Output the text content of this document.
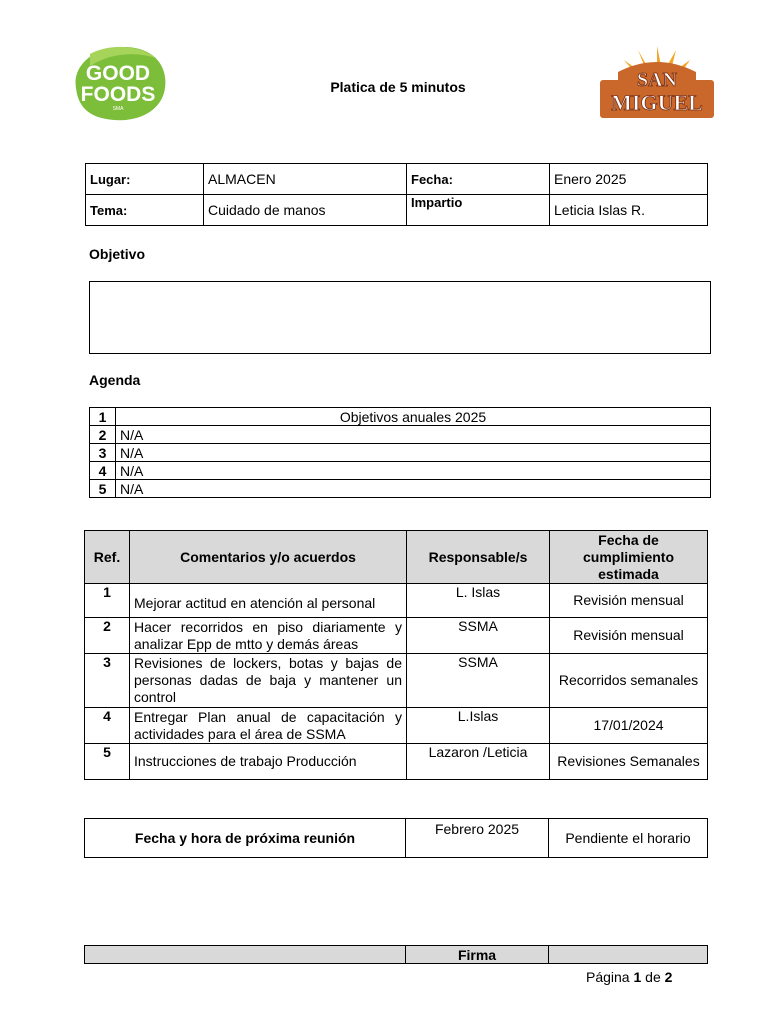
GOOD
FOODS
SMA
SAN
MIGUEL
Platica de 5 minutos
Lugar:	ALMACEN	Fecha:	Enero 2025
Tema:	Cuidado de manos	Impartio	Leticia Islas R.
Objetivo
Agenda
1	Objetivos anuales 2025
2	N/A
3	N/A
4	N/A
5	N/A
Ref.	Comentarios y/o acuerdos	Responsable/s	Fecha de cumplimiento estimada
1	Mejorar actitud en atención al personal	L. Islas	Revisión mensual
2	Hacer recorridos en piso diariamente y analizar Epp de mtto y demás áreas	SSMA	Revisión mensual
3	Revisiones de lockers, botas y bajas de personas dadas de baja y mantener un control	SSMA	Recorridos semanales
4	Entregar Plan anual de capacitación y actividades para el área de SSMA	L.Islas	17/01/2024
5	Instrucciones de trabajo Producción	Lazaron /Leticia	Revisiones Semanales
Fecha y hora de próxima reunión	Febrero 2025	Pendiente el horario
	Firma	
Página 1 de 2
